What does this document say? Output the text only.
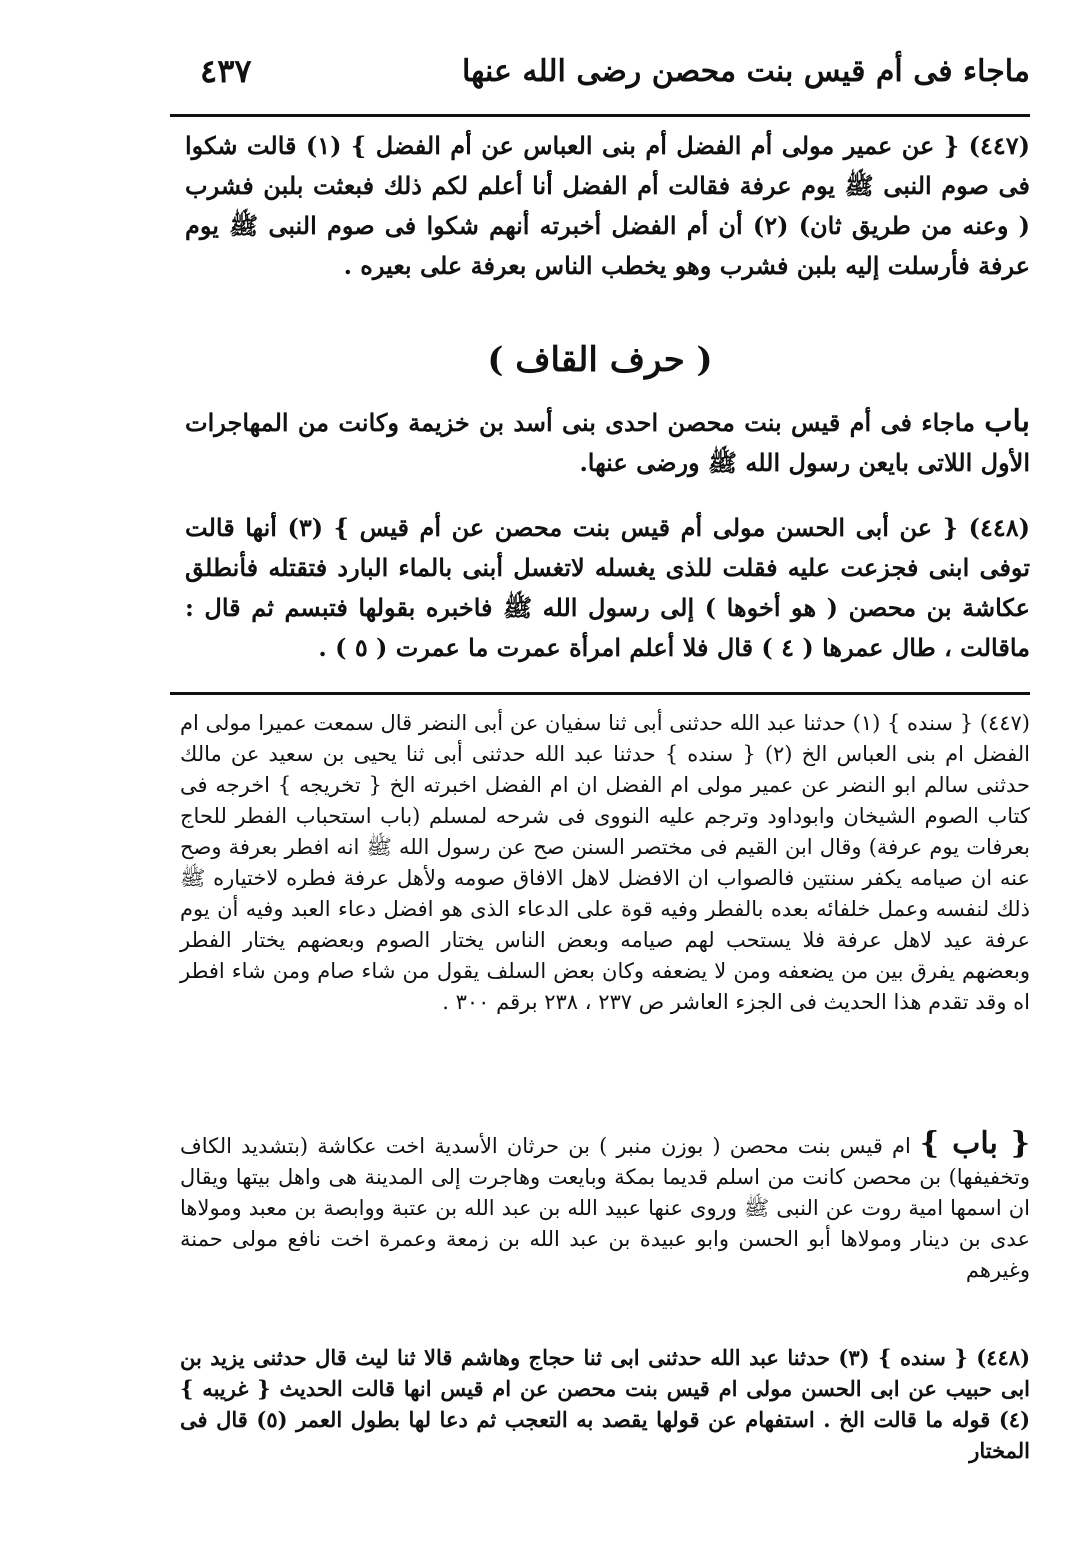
ماجاء فى أم قيس بنت محصن رضى الله عنها
٤٣٧
(٤٤٧) { عن عمير مولى أم الفضل أم بنى العباس عن أم الفضل } (١) قالت شكوا فى صوم النبى ﷺ يوم عرفة فقالت أم الفضل أنا أعلم لكم ذلك فبعثت بلبن فشرب ( وعنه من طريق ثان) (٢) أن أم الفضل أخبرته أنهم شكوا فى صوم النبى ﷺ يوم عرفة فأرسلت إليه بلبن فشرب وهو يخطب الناس بعرفة على بعيره .
( حرف القاف )
باب ماجاء فى أم قيس بنت محصن احدى بنى أسد بن خزيمة وكانت من المهاجرات الأول اللاتى بايعن رسول الله ﷺ ورضى عنها.
(٤٤٨) { عن أبى الحسن مولى أم قيس بنت محصن عن أم قيس } (٣) أنها قالت توفى ابنى فجزعت عليه فقلت للذى يغسله لاتغسل أبنى بالماء البارد فتقتله فأنطلق عكاشة بن محصن ( هو أخوها ) إلى رسول الله ﷺ فاخبره بقولها فتبسم ثم قال : ماقالت ، طال عمرها ( ٤ ) قال فلا أعلم امرأة عمرت ما عمرت ( ٥ ) .
(٤٤٧) { سنده } (١) حدثنا عبد الله حدثنى أبى ثنا سفيان عن أبى النضر قال سمعت عميرا مولى ام الفضل ام بنى العباس الخ (٢) { سنده } حدثنا عبد الله حدثنى أبى ثنا يحيى بن سعيد عن مالك حدثنى سالم ابو النضر عن عمير مولى ام الفضل ان ام الفضل اخبرته الخ { تخريجه } اخرجه فى كتاب الصوم الشيخان وابوداود وترجم عليه النووى فى شرحه لمسلم (باب استحباب الفطر للحاج بعرفات يوم عرفة) وقال ابن القيم فى مختصر السنن صح عن رسول الله ﷺ انه افطر بعرفة وصح عنه ان صيامه يكفر سنتين فالصواب ان الافضل لاهل الافاق صومه ولأهل عرفة فطره لاختياره ﷺ ذلك لنفسه وعمل خلفائه بعده بالفطر وفيه قوة على الدعاء الذى هو افضل دعاء العبد وفيه أن يوم عرفة عيد لاهل عرفة فلا يستحب لهم صيامه وبعض الناس يختار الصوم وبعضهم يختار الفطر وبعضهم يفرق بين من يضعفه ومن لا يضعفه وكان بعض السلف يقول من شاء صام ومن شاء افطر اه وقد تقدم هذا الحديث فى الجزء العاشر ص ٢٣٧ ، ٢٣٨ برقم ٣٠٠ .
{ باب } ام قيس بنت محصن ( بوزن منبر ) بن حرثان الأسدية اخت عكاشة (بتشديد الكاف وتخفيفها) بن محصن كانت من اسلم قديما بمكة وبايعت وهاجرت إلى المدينة هى واهل بيتها ويقال ان اسمها امية روت عن النبى ﷺ وروى عنها عبيد الله بن عبد الله بن عتبة ووابصة بن معبد ومولاها عدى بن دينار ومولاها أبو الحسن وابو عبيدة بن عبد الله بن زمعة وعمرة اخت نافع مولى حمنة وغيرهم
(٤٤٨) { سنده } (٣) حدثنا عبد الله حدثنى ابى ثنا حجاج وهاشم قالا ثنا ليث قال حدثنى يزيد بن ابى حبيب عن ابى الحسن مولى ام قيس بنت محصن عن ام قيس انها قالت الحديث { غريبه } (٤) قوله ما قالت الخ . استفهام عن قولها يقصد به التعجب ثم دعا لها بطول العمر (٥) قال فى المختار
